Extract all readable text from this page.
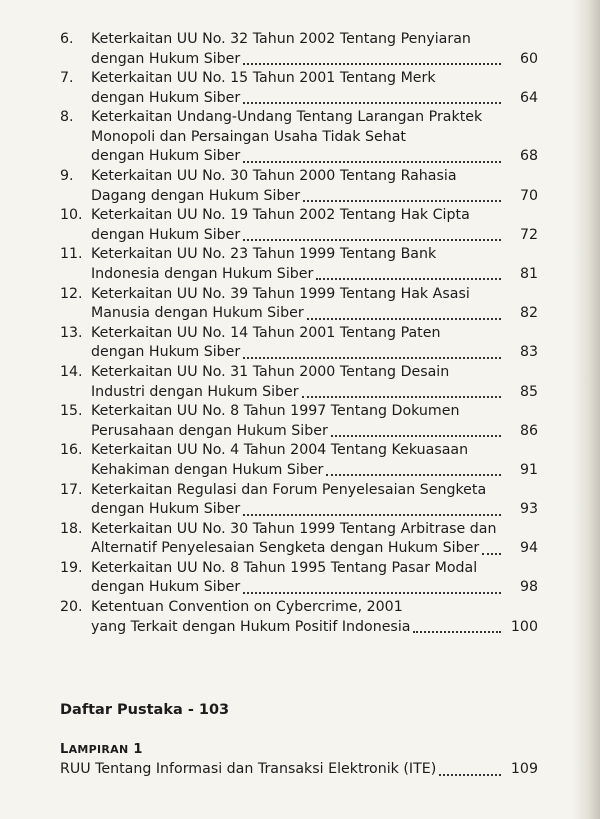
6.	Keterkaitan UU No. 32 Tahun 2002 Tentang Penyiaran
dengan Hukum Siber	60
7.	Keterkaitan UU No. 15 Tahun 2001 Tentang Merk
dengan Hukum Siber	64
8.	Keterkaitan Undang-Undang Tentang Larangan Praktek
Monopoli dan Persaingan Usaha Tidak Sehat
dengan Hukum Siber	68
9.	Keterkaitan UU No. 30 Tahun 2000 Tentang Rahasia
Dagang dengan Hukum Siber	70
10. Keterkaitan UU No. 19 Tahun 2002 Tentang Hak Cipta
dengan Hukum Siber	72
11. Keterkaitan UU No. 23 Tahun 1999 Tentang Bank
Indonesia dengan Hukum Siber	81
12. Keterkaitan UU No. 39 Tahun 1999 Tentang Hak Asasi
Manusia dengan Hukum Siber	82
13. Keterkaitan UU No. 14 Tahun 2001 Tentang Paten
dengan Hukum Siber	83
14. Keterkaitan UU No. 31 Tahun 2000 Tentang Desain
Industri dengan Hukum Siber	85
15. Keterkaitan UU No. 8 Tahun 1997 Tentang Dokumen
Perusahaan dengan Hukum Siber	86
16. Keterkaitan UU No. 4 Tahun 2004 Tentang Kekuasaan
Kehakiman dengan Hukum Siber	91
17. Keterkaitan Regulasi dan Forum Penyelesaian Sengketa
dengan Hukum Siber	93
18. Keterkaitan UU No. 30 Tahun 1999 Tentang Arbitrase dan
Alternatif Penyelesaian Sengketa dengan Hukum Siber	94
19. Keterkaitan UU No. 8 Tahun 1995 Tentang Pasar Modal
dengan Hukum Siber	98
20. Ketentuan Convention on Cybercrime, 2001
yang Terkait dengan Hukum Positif Indonesia	100
Daftar Pustaka - 103
LAMPIRAN 1
RUU Tentang Informasi dan Transaksi Elektronik (ITE)	109
